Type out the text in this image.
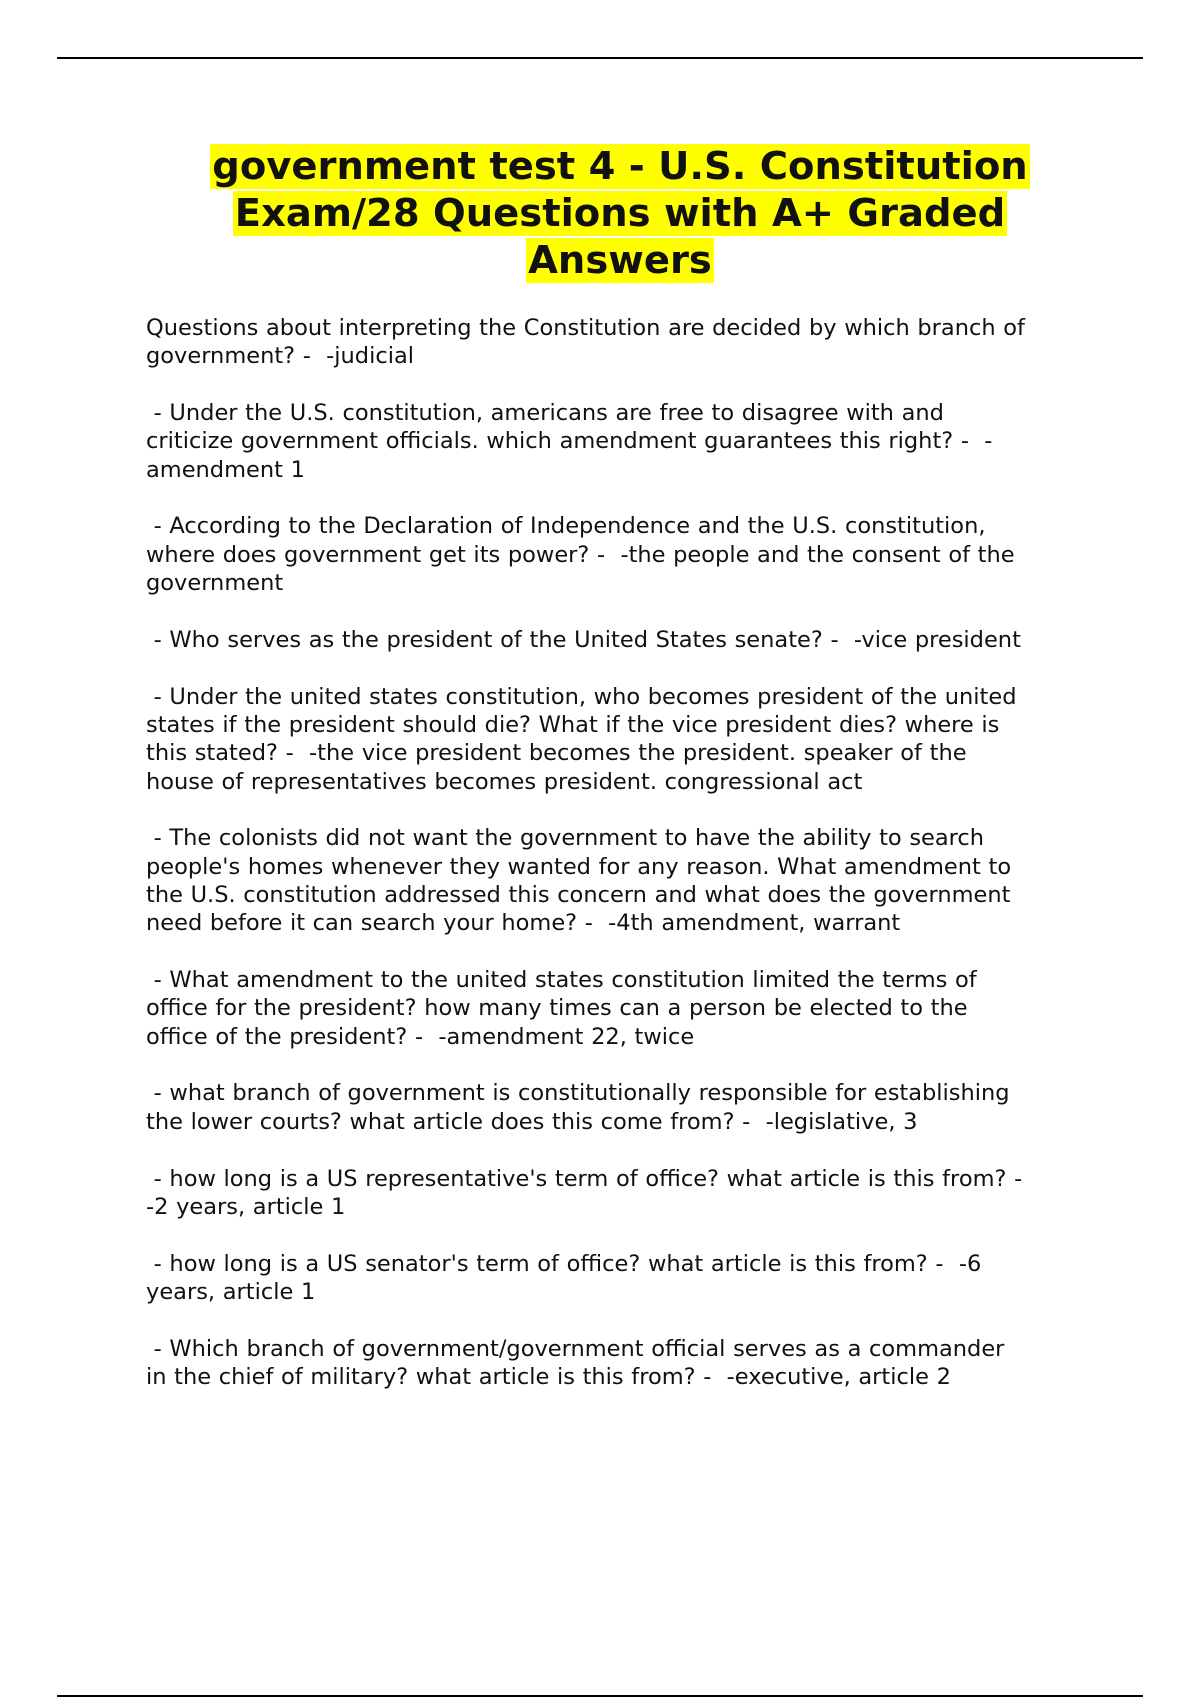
government test 4 - U.S. Constitution
Exam/28 Questions with A+ Graded
Answers
Questions about interpreting the Constitution are decided by which branch of
government? -  -judicial
- Under the U.S. constitution, americans are free to disagree with and
criticize government officials. which amendment guarantees this right? -  -
amendment 1
- According to the Declaration of Independence and the U.S. constitution,
where does government get its power? -  -the people and the consent of the
government
- Who serves as the president of the United States senate? -  -vice president
- Under the united states constitution, who becomes president of the united
states if the president should die? What if the vice president dies? where is
this stated? -  -the vice president becomes the president. speaker of the
house of representatives becomes president. congressional act
- The colonists did not want the government to have the ability to search
people's homes whenever they wanted for any reason. What amendment to
the U.S. constitution addressed this concern and what does the government
need before it can search your home? -  -4th amendment, warrant
- What amendment to the united states constitution limited the terms of
office for the president? how many times can a person be elected to the
office of the president? -  -amendment 22, twice
- what branch of government is constitutionally responsible for establishing
the lower courts? what article does this come from? -  -legislative, 3
- how long is a US representative's term of office? what article is this from? -
-2 years, article 1
- how long is a US senator's term of office? what article is this from? -  -6
years, article 1
- Which branch of government/government official serves as a commander
in the chief of military? what article is this from? -  -executive, article 2
